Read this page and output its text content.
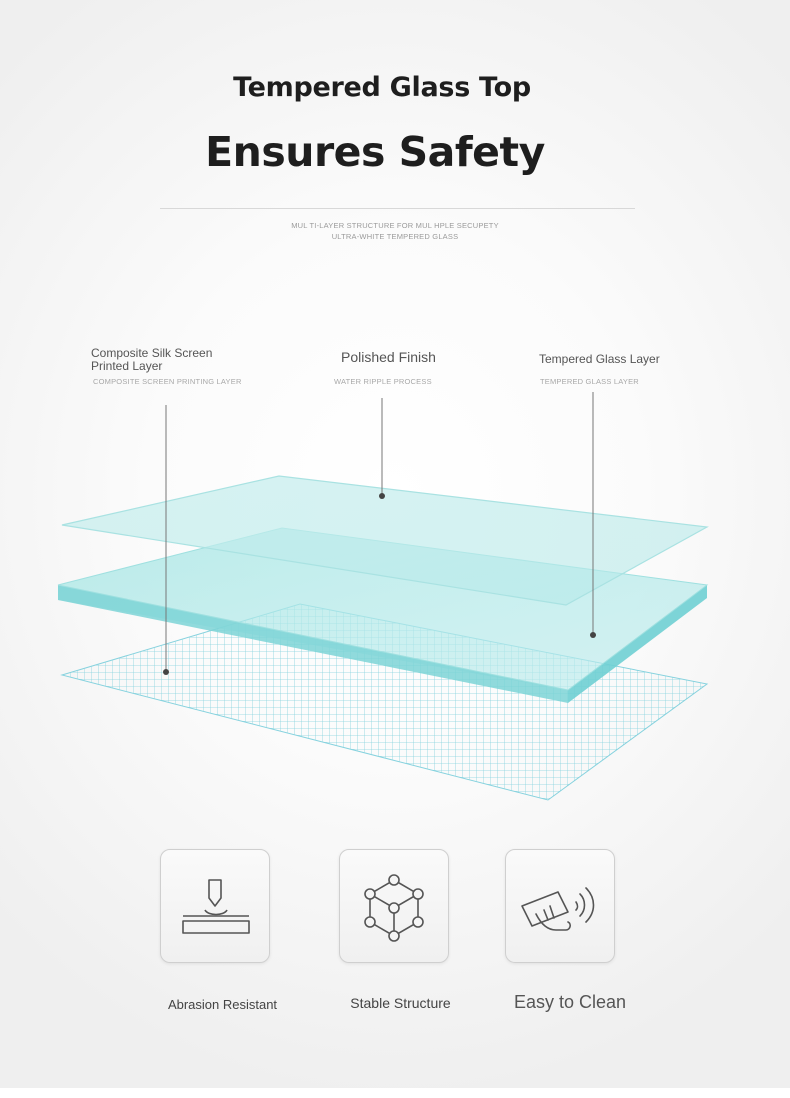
Tempered Glass Top
Ensures Safety
MUL TI-LAYER STRUCTURE FOR MUL HPLE SECUPETY
ULTRA-WHITE TEMPERED GLASS
Composite Silk Screen Printed Layer
COMPOSITE SCREEN PRINTING LAYER
Polished Finish
WATER RIPPLE PROCESS
Tempered Glass Layer
TEMPERED GLASS LAYER
Abrasion Resistant	Stable Structure	Easy to Clean
